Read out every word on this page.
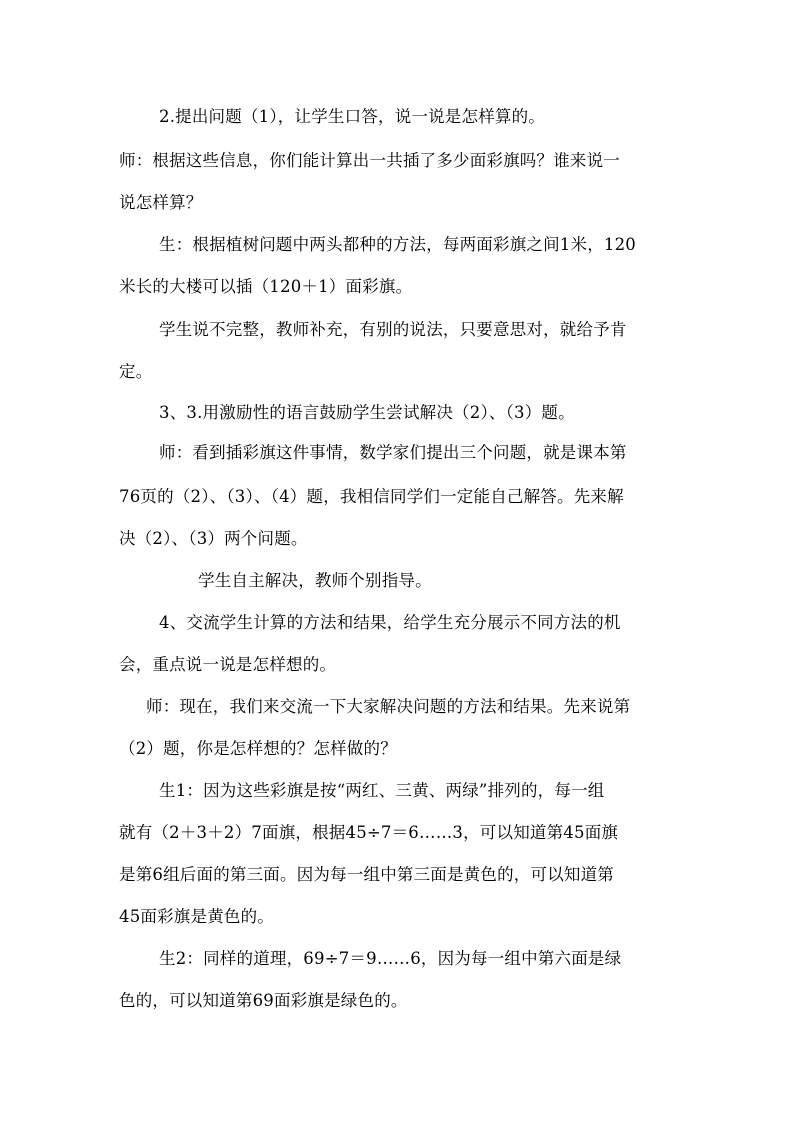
2.提出问题（1），让学生口答，说一说是怎样算的。
师：根据这些信息，你们能计算出一共插了多少面彩旗吗？谁来说一
说怎样算？
生：根据植树问题中两头都种的方法，每两面彩旗之间1米，120
米长的大楼可以插（120＋1）面彩旗。
学生说不完整，教师补充，有别的说法，只要意思对，就给予肯
定。
3、3.用激励性的语言鼓励学生尝试解决（2）、（3）题。
师：看到插彩旗这件事情，数学家们提出三个问题，就是课本第
76页的（2）、（3）、（4）题，我相信同学们一定能自己解答。先来解
决（2）、（3）两个问题。
学生自主解决，教师个别指导。
4、交流学生计算的方法和结果，给学生充分展示不同方法的机
会，重点说一说是怎样想的。
师：现在，我们来交流一下大家解决问题的方法和结果。先来说第
（2）题，你是怎样想的？怎样做的？
生1：因为这些彩旗是按“两红、三黄、两绿”排列的，每一组
就有（2＋3＋2）7面旗，根据45÷7＝6……3，可以知道第45面旗
是第6组后面的第三面。因为每一组中第三面是黄色的，可以知道第
45面彩旗是黄色的。
生2：同样的道理，69÷7＝9……6，因为每一组中第六面是绿
色的，可以知道第69面彩旗是绿色的。
